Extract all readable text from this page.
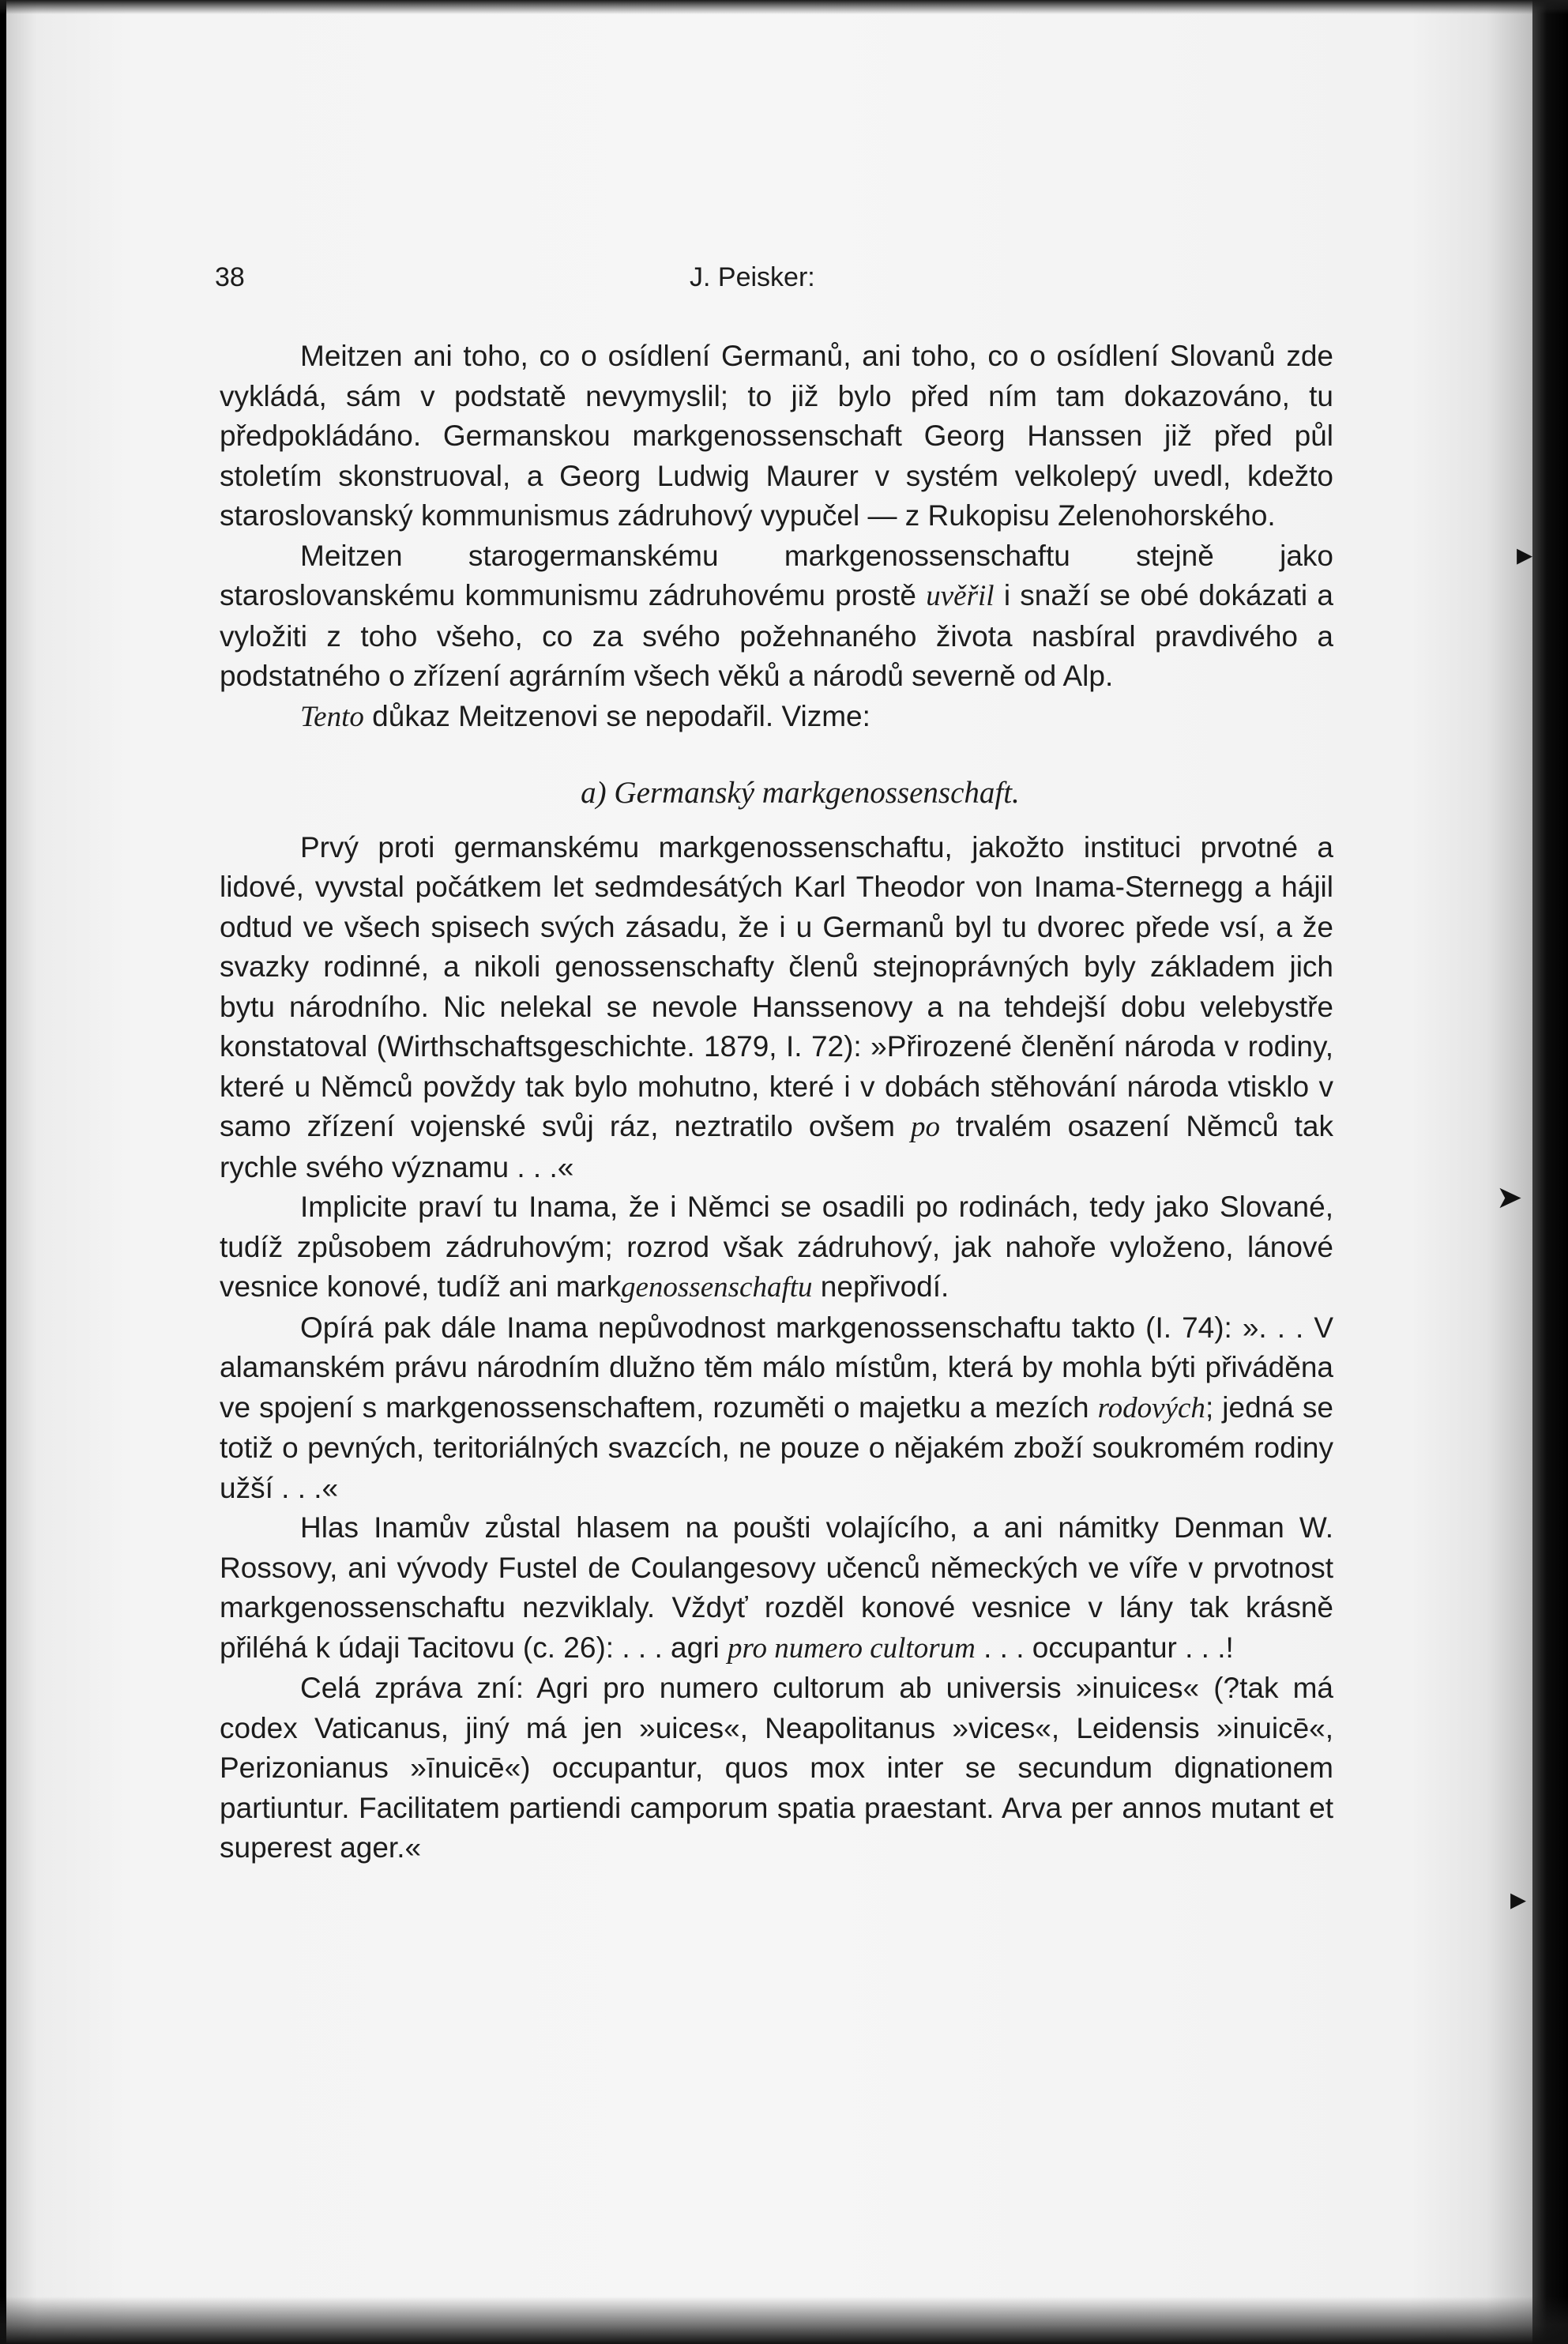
▸
➤
▸
38	J. Peisker:

Meitzen ani toho, co o osídlení Germanů, ani toho, co o osídlení Slovanů zde vykládá, sám v podstatě nevymyslil; to již bylo před ním tam dokazováno, tu předpokládáno. Germanskou markgenossenschaft Georg Hanssen již před půl stoletím skonstruoval, a Georg Ludwig Maurer v systém velkolepý uvedl, kdežto staroslovanský kommunismus zádruhový vypučel — z Rukopisu Zelenohorského.

Meitzen starogermanskému markgenossenschaftu stejně jako staroslovanskému kommunismu zádruhovému prostě uvěřil i snaží se obé dokázati a vyložiti z toho všeho, co za svého požehnaného života nasbíral pravdivého a podstatného o zřízení agrárním všech věků a národů severně od Alp.

Tento důkaz Meitzenovi se nepodařil. Vizme:

a) Germanský markgenossenschaft.

Prvý proti germanskému markgenossenschaftu, jakožto instituci prvotné a lidové, vyvstal počátkem let sedmdesátých Karl Theodor von Inama-Sternegg a hájil odtud ve všech spisech svých zásadu, že i u Germanů byl tu dvorec přede vsí, a že svazky rodinné, a nikoli genossenschafty členů stejnoprávných byly základem jich bytu národního. Nic nelekal se nevole Hanssenovy a na tehdejší dobu velebystře konstatoval (Wirthschaftsgeschichte. 1879, I. 72): »Přirozené členění národa v rodiny, které u Němců povždy tak bylo mohutno, které i v dobách stěhování národa vtisklo v samo zřízení vojenské svůj ráz, neztratilo ovšem po trvalém osazení Němců tak rychle svého významu . . .«

Implicite praví tu Inama, že i Němci se osadili po rodinách, tedy jako Slované, tudíž způsobem zádruhovým; rozrod však zádruhový, jak nahoře vyloženo, lánové vesnice konové, tudíž ani markgenossenschaftu nepřivodí.

Opírá pak dále Inama nepůvodnost markgenossenschaftu takto (I. 74): ». . . V alamanském právu národním dlužno těm málo místům, která by mohla býti přiváděna ve spojení s markgenossenschaftem, rozuměti o majetku a mezích rodových; jedná se totiž o pevných, teritoriálných svazcích, ne pouze o nějakém zboží soukromém rodiny užší . . .«

Hlas Inamův zůstal hlasem na poušti volajícího, a ani námitky Denman W. Rossovy, ani vývody Fustel de Coulangesovy učenců německých ve víře v prvotnost markgenossenschaftu nezviklaly. Vždyť rozděl konové vesnice v lány tak krásně přiléhá k údaji Tacitovu (c. 26): . . . agri pro numero cultorum . . . occupantur . . .!

Celá zpráva zní: Agri pro numero cultorum ab universis »inuices« (?tak má codex Vaticanus, jiný má jen »uices«, Neapolitanus »vices«, Leidensis »inuicē«, Perizonianus »īnuicē«) occupantur, quos mox inter se secundum dignationem partiuntur. Facilitatem partiendi camporum spatia praestant. Arva per annos mutant et superest ager.«
